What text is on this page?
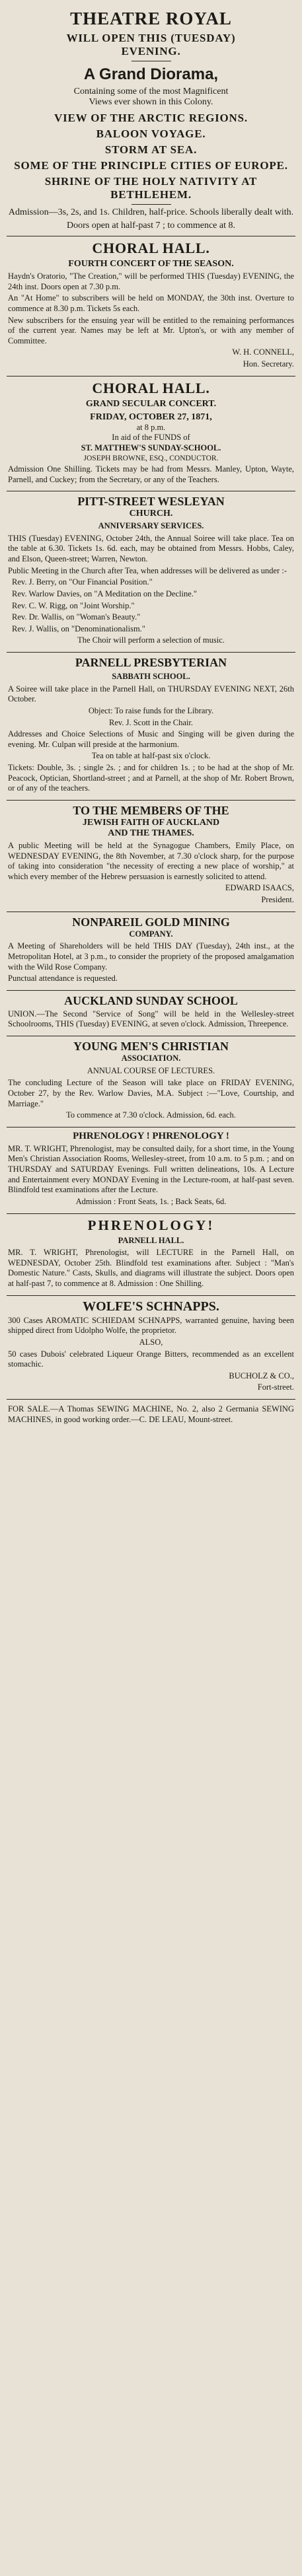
THEATRE ROYAL
WILL OPEN THIS (TUESDAY)
EVENING.
A Grand Diorama,
Containing some of the most Magnificent
Views ever shown in this Colony.
VIEW OF THE ARCTIC REGIONS.
BALOON VOYAGE.
STORM AT SEA.
SOME OF THE PRINCIPLE CITIES OF EUROPE.
SHRINE OF THE HOLY NATIVITY AT BETHLEHEM.
Admission—3s, 2s, and 1s. Children, half-price. Schools liberally dealt with.
Doors open at half-past 7 ; to commence at 8.
CHORAL HALL.
FOURTH CONCERT OF THE SEASON.

Haydn's Oratorio, "The Creation," will be performed THIS (Tuesday) EVENING, the 24th inst. Doors open at 7.30 p.m.

An "At Home" to subscribers will be held on MONDAY, the 30th inst. Overture to commence at 8.30 p.m. Tickets 5s each.

New subscribers for the ensuing year will be entitled to the remaining performances of the current year. Names may be left at Mr. Upton's, or with any member of Committee.

W. H. CONNELL,

Hon. Secretary.

CHORAL HALL.
GRAND SECULAR CONCERT.
FRIDAY, OCTOBER 27, 1871,
at 8 p.m.
In aid of the FUNDS of
ST. MATTHEW'S SUNDAY-SCHOOL.
JOSEPH BROWNE, ESQ., CONDUCTOR.

Admission One Shilling. Tickets may be had from Messrs. Manley, Upton, Wayte, Parnell, and Cuckey; from the Secretary, or any of the Teachers.

PITT-STREET WESLEYAN
CHURCH.
ANNIVERSARY SERVICES.

THIS (Tuesday) EVENING, October 24th, the Annual Soiree will take place. Tea on the table at 6.30. Tickets 1s. 6d. each, may be obtained from Messrs. Hobbs, Caley, and Elson, Queen-street; Warren, Newton.

Public Meeting in the Church after Tea, when addresses will be delivered as under :-

Rev. J. Berry, on "Our Financial Position."

Rev. Warlow Davies, on "A Meditation on the Decline."

Rev. C. W. Rigg, on "Joint Worship."

Rev. Dr. Wallis, on "Woman's Beauty."

Rev. J. Wallis, on "Denominationalism."

The Choir will perform a selection of music.

PARNELL PRESBYTERIAN
SABBATH SCHOOL.

A Soiree will take place in the Parnell Hall, on THURSDAY EVENING NEXT, 26th October.

Object: To raise funds for the Library.

Rev. J. Scott in the Chair.

Addresses and Choice Selections of Music and Singing will be given during the evening. Mr. Culpan will preside at the harmonium.

Tea on table at half-past six o'clock.

Tickets: Double, 3s. ; single 2s. ; and for children 1s. ; to be had at the shop of Mr. Peacock, Optician, Shortland-street ; and at Parnell, at the shop of Mr. Robert Brown, or of any of the teachers.

TO THE MEMBERS OF THE
JEWISH FAITH OF AUCKLAND
AND THE THAMES.

A public Meeting will be held at the Synagogue Chambers, Emily Place, on WEDNESDAY EVENING, the 8th November, at 7.30 o'clock sharp, for the purpose of taking into consideration "the necessity of erecting a new place of worship," at which every member of the Hebrew persuasion is earnestly solicited to attend.

EDWARD ISAACS,

President.

NONPAREIL GOLD MINING
COMPANY.

A Meeting of Shareholders will be held THIS DAY (Tuesday), 24th inst., at the Metropolitan Hotel, at 3 p.m., to consider the propriety of the proposed amalgamation with the Wild Rose Company.

Punctual attendance is requested.

AUCKLAND SUNDAY SCHOOL

UNION.—The Second "Service of Song" will be held in the Wellesley-street Schoolrooms, THIS (Tuesday) EVENING, at seven o'clock. Admission, Threepence.

YOUNG MEN'S CHRISTIAN
ASSOCIATION.
ANNUAL COURSE OF LECTURES.

The concluding Lecture of the Season will take place on FRIDAY EVENING, October 27, by the Rev. Warlow Davies, M.A. Subject :—"Love, Courtship, and Marriage."

To commence at 7.30 o'clock. Admission, 6d. each.

PHRENOLOGY ! PHRENOLOGY !

MR. T. WRIGHT, Phrenologist, may be consulted daily, for a short time, in the Young Men's Christian Association Rooms, Wellesley-street, from 10 a.m. to 5 p.m. ; and on THURSDAY and SATURDAY Evenings. Full written delineations, 10s. A Lecture and Entertainment every MONDAY Evening in the Lecture-room, at half-past seven. Blindfold test examinations after the Lecture.

Admission : Front Seats, 1s. ; Back Seats, 6d.

PHRENOLOGY!
PARNELL HALL.

MR. T. WRIGHT, Phrenologist, will LECTURE in the Parnell Hall, on WEDNESDAY, October 25th. Blindfold test examinations after. Subject : "Man's Domestic Nature." Casts, Skulls, and diagrams will illustrate the subject. Doors open at half-past 7, to commence at 8. Admission : One Shilling.

WOLFE'S SCHNAPPS.

300 Cases AROMATIC SCHIEDAM SCHNAPPS, warranted genuine, having been shipped direct from Udolpho Wolfe, the proprietor.

ALSO,

50 cases Dubois' celebrated Liqueur Orange Bitters, recommended as an excellent stomachic.

BUCHOLZ & CO.,

Fort-street.

FOR SALE.—A Thomas SEWING MACHINE, No. 2, also 2 Germania SEWING MACHINES, in good working order.—C. DE LEAU, Mount-street.
